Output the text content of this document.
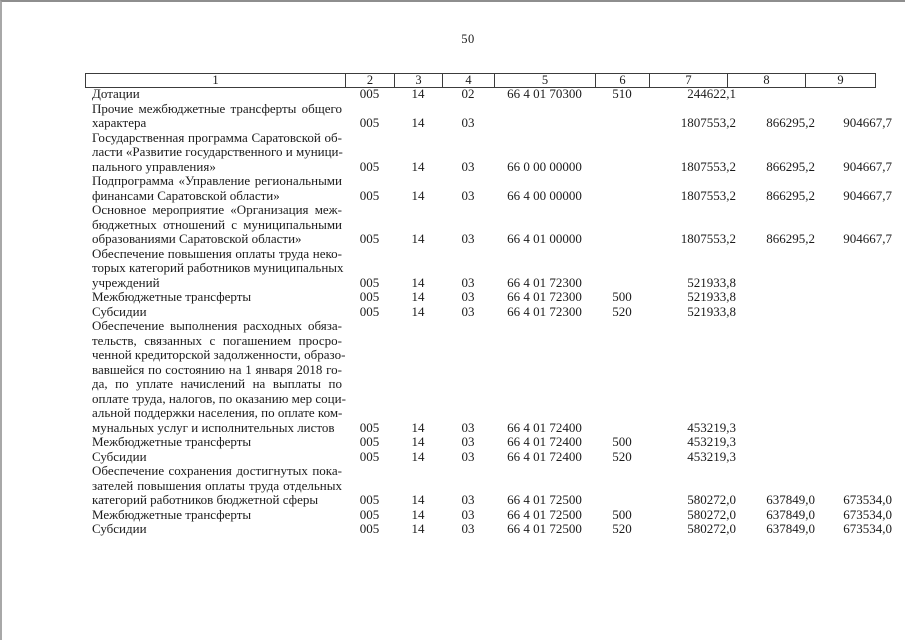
50
1	2	3	4	5	6	7	8	9
Дотации	005	14	02	66 4 01 70300	510	244622,1		

Прочие межбюджетные трансферты общего
характера	005	14	03			1807553,2	866295,2	904667,7

Государственная программа Саратовской об-
ласти «Развитие государственного и муници-
пального управления»	005	14	03	66 0 00 00000		1807553,2	866295,2	904667,7

Подпрограмма «Управление региональными
финансами Саратовской области»	005	14	03	66 4 00 00000		1807553,2	866295,2	904667,7

Основное мероприятие «Организация меж-
бюджетных отношений с муниципальными
образованиями Саратовской области»	005	14	03	66 4 01 00000		1807553,2	866295,2	904667,7

Обеспечение повышения оплаты труда неко-
торых категорий работников муниципальных
учреждений	005	14	03	66 4 01 72300		521933,8		

Межбюджетные трансферты	005	14	03	66 4 01 72300	500	521933,8		

Субсидии	005	14	03	66 4 01 72300	520	521933,8		

Обеспечение выполнения расходных обяза-
тельств, связанных с погашением просро-
ченной кредиторской задолженности, образо-
вавшейся по состоянию на 1 января 2018 го-
да, по уплате начислений на выплаты по
оплате труда, налогов, по оказанию мер соци-
альной поддержки населения, по оплате ком-
мунальных услуг и исполнительных листов	005	14	03	66 4 01 72400		453219,3		

Межбюджетные трансферты	005	14	03	66 4 01 72400	500	453219,3		

Субсидии	005	14	03	66 4 01 72400	520	453219,3		

Обеспечение сохранения достигнутых пока-
зателей повышения оплаты труда отдельных
категорий работников бюджетной сферы	005	14	03	66 4 01 72500		580272,0	637849,0	673534,0

Межбюджетные трансферты	005	14	03	66 4 01 72500	500	580272,0	637849,0	673534,0

Субсидии	005	14	03	66 4 01 72500	520	580272,0	637849,0	673534,0
